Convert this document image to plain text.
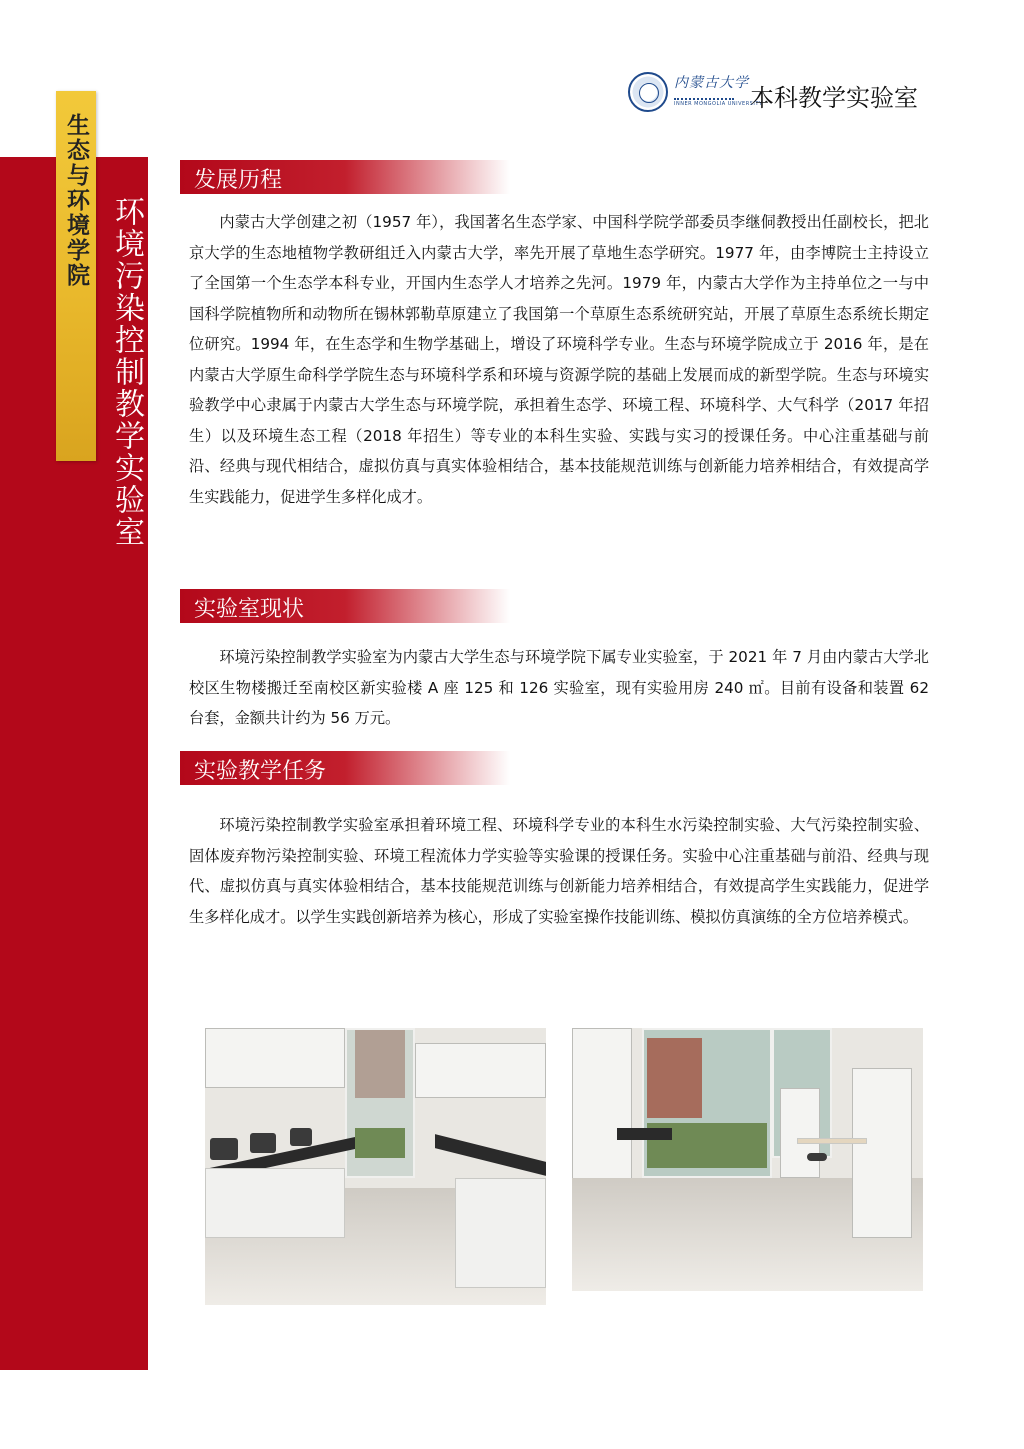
生态与环境学院 环境污染控制教学实验室
内蒙古大学
INNER MONGOLIA UNIVERSITY
本科教学实验室
发展历程
内蒙古大学创建之初（1957 年），我国著名生态学家、中国科学院学部委员李继侗教授出任副校长，把北京大学的生态地植物学教研组迁入内蒙古大学，率先开展了草地生态学研究。1977 年，由李博院士主持设立了全国第一个生态学本科专业，开国内生态学人才培养之先河。1979 年，内蒙古大学作为主持单位之一与中国科学院植物所和动物所在锡林郭勒草原建立了我国第一个草原生态系统研究站，开展了草原生态系统长期定位研究。1994 年，在生态学和生物学基础上，增设了环境科学专业。生态与环境学院成立于 2016 年，是在内蒙古大学原生命科学学院生态与环境科学系和环境与资源学院的基础上发展而成的新型学院。生态与环境实验教学中心隶属于内蒙古大学生态与环境学院，承担着生态学、环境工程、环境科学、大气科学（2017 年招生）以及环境生态工程（2018 年招生）等专业的本科生实验、实践与实习的授课任务。中心注重基础与前沿、经典与现代相结合，虚拟仿真与真实体验相结合，基本技能规范训练与创新能力培养相结合，有效提高学生实践能力，促进学生多样化成才。
实验室现状
环境污染控制教学实验室为内蒙古大学生态与环境学院下属专业实验室，于 2021 年 7 月由内蒙古大学北校区生物楼搬迁至南校区新实验楼 A 座 125 和 126 实验室，现有实验用房 240 ㎡。目前有设备和装置 62 台套，金额共计约为 56 万元。
实验教学任务
环境污染控制教学实验室承担着环境工程、环境科学专业的本科生水污染控制实验、大气污染控制实验、固体废弃物污染控制实验、环境工程流体力学实验等实验课的授课任务。实验中心注重基础与前沿、经典与现代、虚拟仿真与真实体验相结合，基本技能规范训练与创新能力培养相结合，有效提高学生实践能力，促进学生多样化成才。以学生实践创新培养为核心，形成了实验室操作技能训练、模拟仿真演练的全方位培养模式。
